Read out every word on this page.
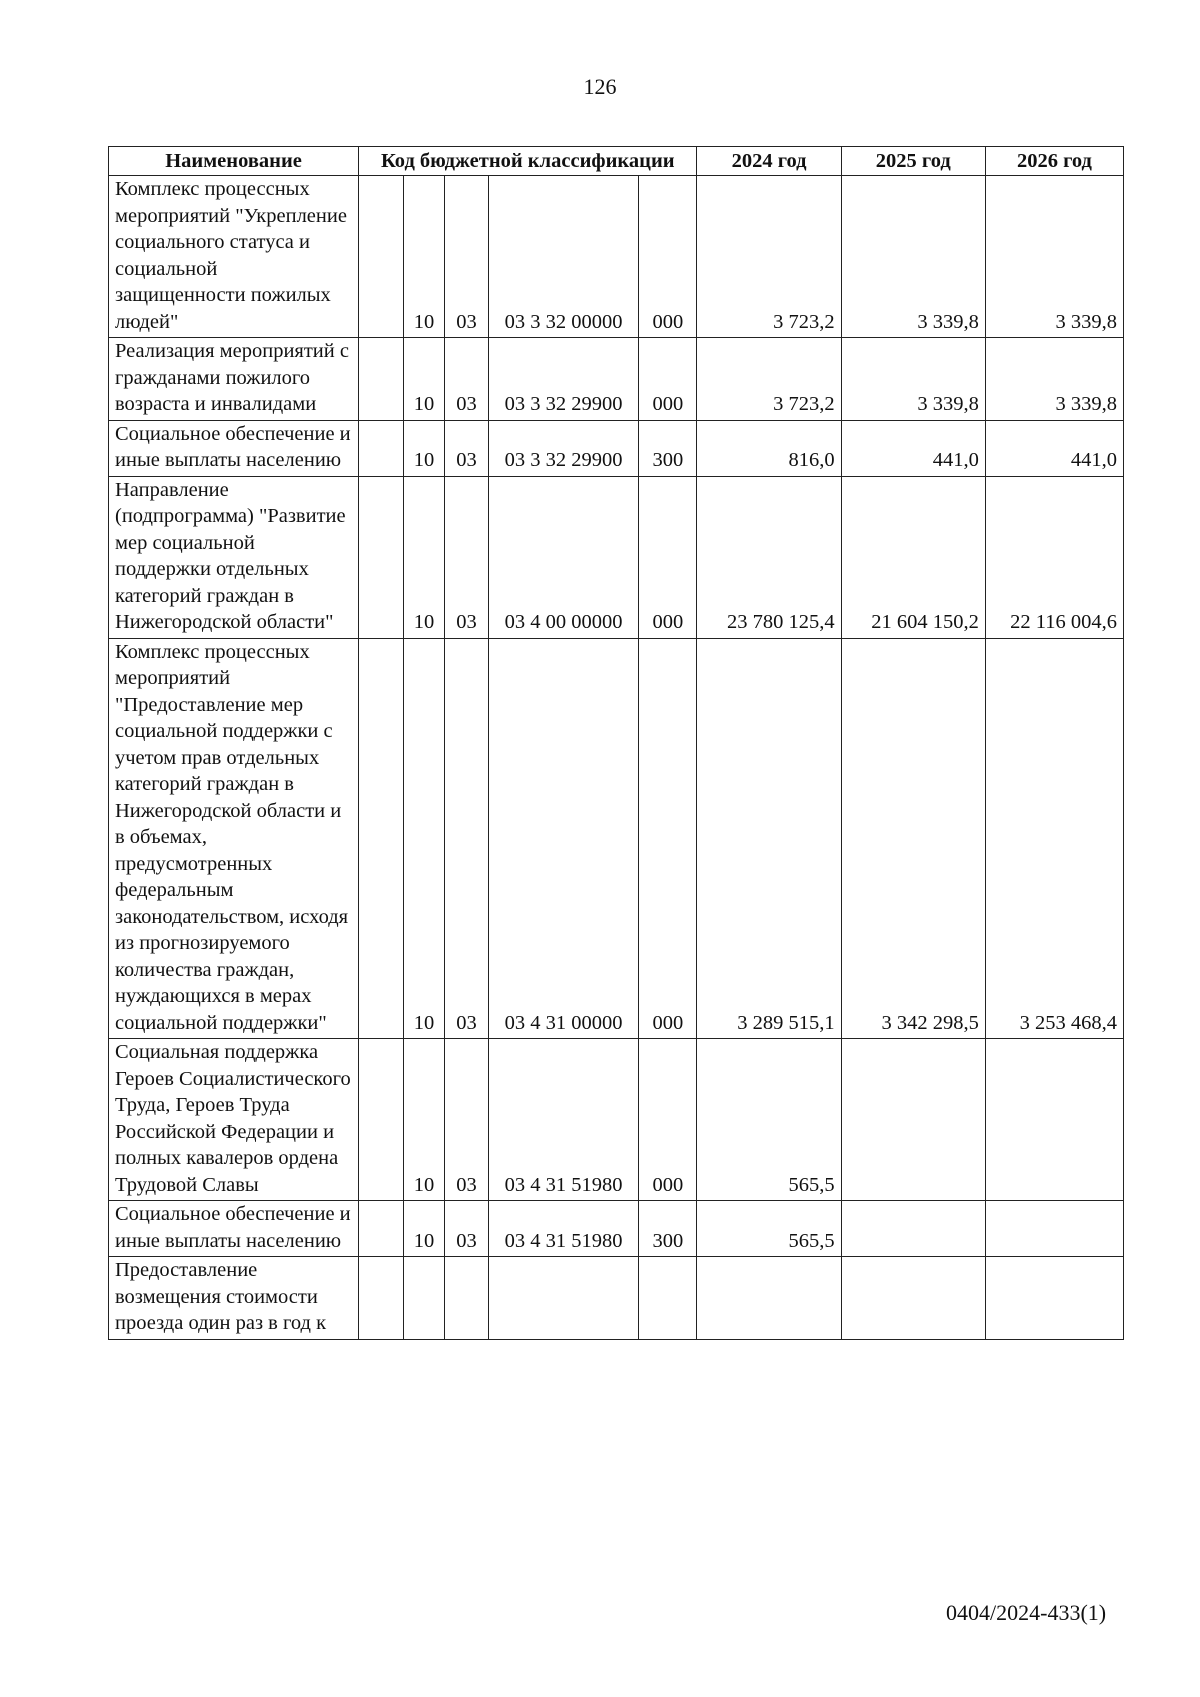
126
Наименование	Код бюджетной классификации					2024 год	2025 год	2026 год
Комплекс процессных мероприятий "Укрепление социального статуса и социальной защищенности пожилых людей"		10	03	03 3 32 00000	000	3 723,2	3 339,8	3 339,8
Реализация мероприятий с гражданами пожилого возраста и инвалидами		10	03	03 3 32 29900	000	3 723,2	3 339,8	3 339,8
Социальное обеспечение и иные выплаты населению		10	03	03 3 32 29900	300	816,0	441,0	441,0
Направление (подпрограмма) "Развитие мер социальной поддержки отдельных категорий граждан в Нижегородской области"		10	03	03 4 00 00000	000	23 780 125,4	21 604 150,2	22 116 004,6
Комплекс процессных мероприятий "Предоставление мер социальной поддержки с учетом прав отдельных категорий граждан в Нижегородской области и в объемах, предусмотренных федеральным законодательством, исходя из прогнозируемого количества граждан, нуждающихся в мерах социальной поддержки"		10	03	03 4 31 00000	000	3 289 515,1	3 342 298,5	3 253 468,4
Социальная поддержка Героев Социалистического Труда, Героев Труда Российской Федерации и полных кавалеров ордена Трудовой Славы		10	03	03 4 31 51980	000	565,5		
Социальное обеспечение и иные выплаты населению		10	03	03 4 31 51980	300	565,5		
Предоставление возмещения стоимости проезда один раз в год к								
0404/2024-433(1)
